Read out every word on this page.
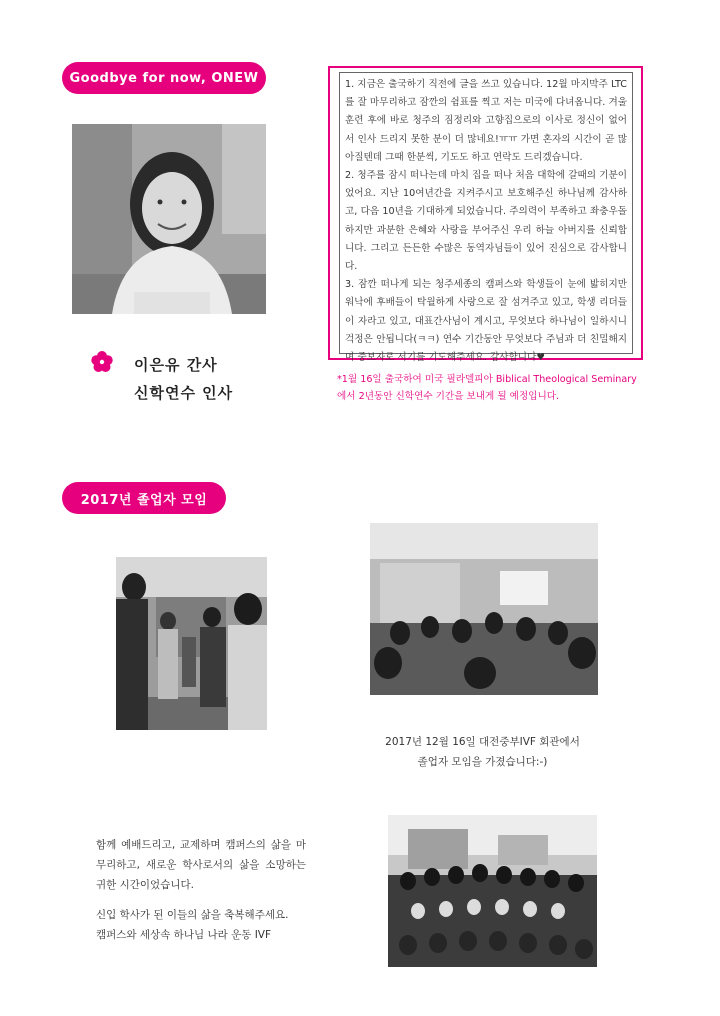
Goodbye for now, ONEW
이은유 간사
신학연수 인사

1. 지금은 출국하기 직전에 글을 쓰고 있습니다. 12월 마지막주 LTC를 잘 마무리하고 잠깐의 쉼표를 찍고 저는 미국에 다녀옵니다. 겨울훈련 후에 바로 청주의 짐정리와 고향집으로의 이사로 정신이 없어서 인사 드리지 못한 분이 더 많네요!ㅠㅠ 가면 혼자의 시간이 곧 많아질텐데 그때 한분씩, 기도도 하고 연락도 드리겠습니다.

2. 청주를 잠시 떠나는데 마치 집을 떠나 처음 대학에 갈때의 기분이었어요. 지난 10여년간을 지켜주시고 보호해주신 하나님께 감사하고, 다음 10년을 기대하게 되었습니다. 주의력이 부족하고 좌충우돌하지만 과분한 은혜와 사랑을 부어주신 우리 하늘 아버지를 신뢰합니다. 그리고 든든한 수많은 동역자님들이 있어 진심으로 감사합니다.

3. 잠깐 떠나게 되는 청주세종의 캠퍼스와 학생들이 눈에 밟히지만 워낙에 후배들이 탁월하게 사랑으로 잘 섬겨주고 있고, 학생 리더들이 자라고 있고, 대표간사님이 계시고, 무엇보다 하나님이 일하시니 걱정은 안됩니다(ㅋㅋ) 연수 기간동안 무엇보다 주님과 더 친밀해지며 중보자로 서기를 기도해주세요. 감사합니다♥

*1월 16일 출국하여 미국 필라델피아 Biblical Theological Seminary
에서 2년동안 신학연수 기간을 보내게 될 예정입니다.
2017년 졸업자 모임
2017년 12월 16일 대전중부IVF 회관에서
졸업자 모임을 가졌습니다:-)

함께 예배드리고, 교제하며 캠퍼스의 삶을 마무리하고, 새로운 학사로서의 삶을 소망하는 귀한 시간이었습니다.

신입 학사가 된 이들의 삶을 축복해주세요.
캠퍼스와 세상속 하나님 나라 운동 IVF
